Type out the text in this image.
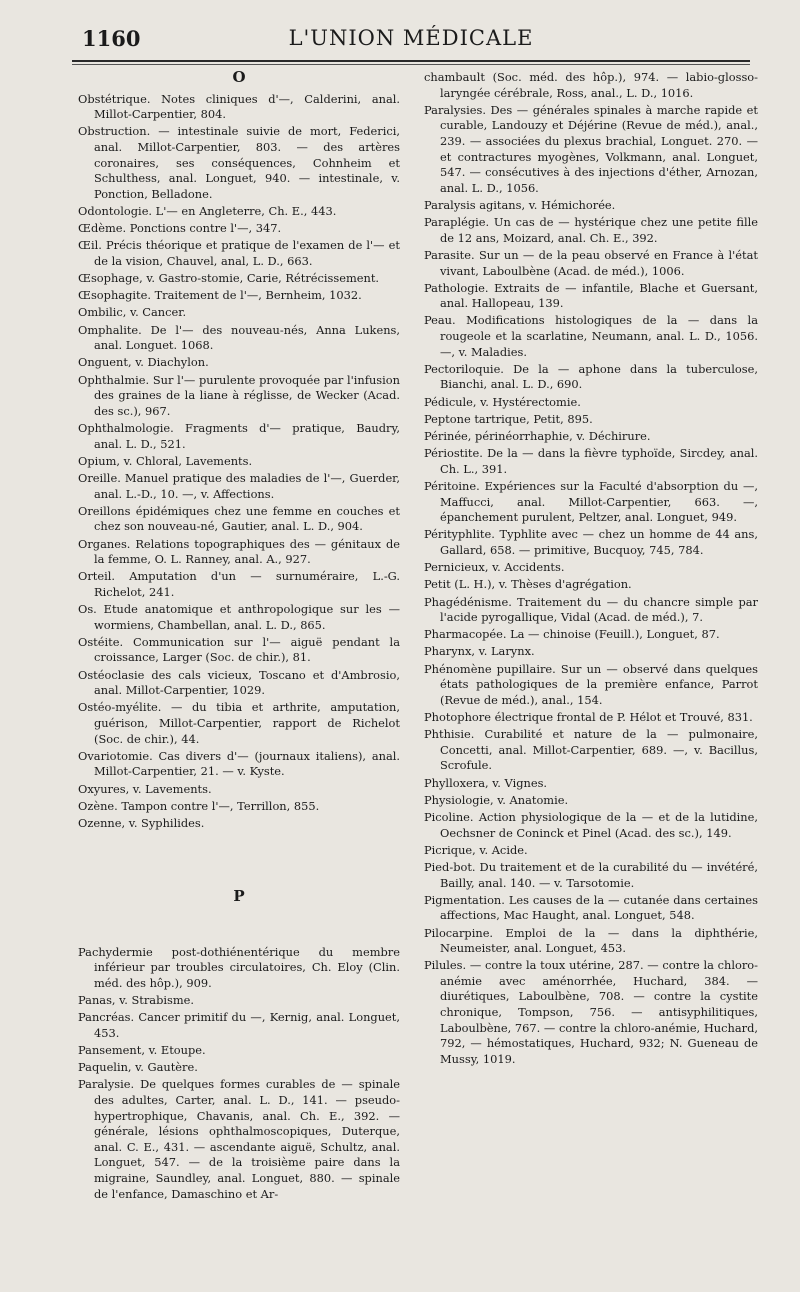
1160	L'UNION MÉDICALE
O

Obstétrique. Notes cliniques d'—, Calderini, anal. Millot-Carpentier, 804.

Obstruction. — intestinale suivie de mort, Federici, anal. Millot-Carpentier, 803. — des artères coronaires, ses conséquences, Cohnheim et Schulthess, anal. Longuet, 940. — intestinale, v. Ponction, Belladone.

Odontologie. L'— en Angleterre, Ch. E., 443.

Œdème. Ponctions contre l'—, 347.

Œil. Précis théorique et pratique de l'examen de l'— et de la vision, Chauvel, anal, L. D., 663.

Œsophage, v. Gastro-stomie, Carie, Rétrécissement.

Œsophagite. Traitement de l'—, Bernheim, 1032.

Ombilic, v. Cancer.

Omphalite. De l'— des nouveau-nés, Anna Lukens, anal. Longuet. 1068.

Onguent, v. Diachylon.

Ophthalmie. Sur l'— purulente provoquée par l'infusion des graines de la liane à réglisse, de Wecker (Acad. des sc.), 967.

Ophthalmologie. Fragments d'— pratique, Baudry, anal. L. D., 521.

Opium, v. Chloral, Lavements.

Oreille. Manuel pratique des maladies de l'—, Guerder, anal. L.-D., 10. —, v. Affections.

Oreillons épidémiques chez une femme en couches et chez son nouveau-né, Gautier, anal. L. D., 904.

Organes. Relations topographiques des — génitaux de la femme, O. L. Ranney, anal. A., 927.

Orteil. Amputation d'un — surnuméraire, L.-G. Richelot, 241.

Os. Etude anatomique et anthropologique sur les — wormiens, Chambellan, anal. L. D., 865.

Ostéite. Communication sur l'— aiguë pendant la croissance, Larger (Soc. de chir.), 81.

Ostéoclasie des cals vicieux, Toscano et d'Ambrosio, anal. Millot-Carpentier, 1029.

Ostéo-myélite. — du tibia et arthrite, amputation, guérison, Millot-Carpentier, rapport de Richelot (Soc. de chir.), 44.

Ovariotomie. Cas divers d'— (journaux italiens), anal. Millot-Carpentier, 21. — v. Kyste.

Oxyures, v. Lavements.

Ozène. Tampon contre l'—, Terrillon, 855.

Ozenne, v. Syphilides.

P

Pachydermie post-dothiénentérique du membre inférieur par troubles circulatoires, Ch. Eloy (Clin. méd. des hôp.), 909.

Panas, v. Strabisme.

Pancréas. Cancer primitif du —, Kernig, anal. Longuet, 453.

Pansement, v. Etoupe.

Paquelin, v. Gautère.

Paralysie. De quelques formes curables de — spinale des adultes, Carter, anal. L. D., 141. — pseudo-hypertrophique, Chavanis, anal. Ch. E., 392. — générale, lésions ophthalmoscopiques, Duterque, anal. C. E., 431. — ascendante aiguë, Schultz, anal. Longuet, 547. — de la troisième paire dans la migraine, Saundley, anal. Longuet, 880. — spinale de l'enfance, Damaschino et Ar-

chambault (Soc. méd. des hôp.), 974. — labio-glosso-laryngée cérébrale, Ross, anal., L. D., 1016.

Paralysies. Des — générales spinales à marche rapide et curable, Landouzy et Déjérine (Revue de méd.), anal., 239. — associées du plexus brachial, Longuet. 270. — et contractures myogènes, Volkmann, anal. Longuet, 547. — consécutives à des injections d'éther, Arnozan, anal. L. D., 1056.

Paralysis agitans, v. Hémichorée.

Paraplégie. Un cas de — hystérique chez une petite fille de 12 ans, Moizard, anal. Ch. E., 392.

Parasite. Sur un — de la peau observé en France à l'état vivant, Laboulbène (Acad. de méd.), 1006.

Pathologie. Extraits de — infantile, Blache et Guersant, anal. Hallopeau, 139.

Peau. Modifications histologiques de la — dans la rougeole et la scarlatine, Neumann, anal. L. D., 1056. —, v. Maladies.

Pectoriloquie. De la — aphone dans la tuberculose, Bianchi, anal. L. D., 690.

Pédicule, v. Hystérectomie.

Peptone tartrique, Petit, 895.

Périnée, périnéorrhaphie, v. Déchirure.

Périostite. De la — dans la fièvre typhoïde, Sircdey, anal. Ch. L., 391.

Péritoine. Expériences sur la Faculté d'absorption du —, Maffucci, anal. Millot-Carpentier, 663. —, épanchement purulent, Peltzer, anal. Longuet, 949.

Pérityphlite. Typhlite avec — chez un homme de 44 ans, Gallard, 658. — primitive, Bucquoy, 745, 784.

Pernicieux, v. Accidents.

Petit (L. H.), v. Thèses d'agrégation.

Phagédénisme. Traitement du — du chancre simple par l'acide pyrogallique, Vidal (Acad. de méd.), 7.

Pharmacopée. La — chinoise (Feuill.), Longuet, 87.

Pharynx, v. Larynx.

Phénomène pupillaire. Sur un — observé dans quelques états pathologiques de la première enfance, Parrot (Revue de méd.), anal., 154.

Photophore électrique frontal de P. Hélot et Trouvé, 831.

Phthisie. Curabilité et nature de la — pulmonaire, Concetti, anal. Millot-Carpentier, 689. —, v. Bacillus, Scrofule.

Phylloxera, v. Vignes.

Physiologie, v. Anatomie.

Picoline. Action physiologique de la — et de la lutidine, Oechsner de Coninck et Pinel (Acad. des sc.), 149.

Picrique, v. Acide.

Pied-bot. Du traitement et de la curabilité du — invétéré, Bailly, anal. 140. — v. Tarsotomie.

Pigmentation. Les causes de la — cutanée dans certaines affections, Mac Haught, anal. Longuet, 548.

Pilocarpine. Emploi de la — dans la diphthérie, Neumeister, anal. Longuet, 453.

Pilules. — contre la toux utérine, 287. — contre la chloro-anémie avec aménorrhée, Huchard, 384. — diurétiques, Laboulbène, 708. — contre la cystite chronique, Tompson, 756. — antisyphilitiques, Laboulbène, 767. — contre la chloro-anémie, Huchard, 792, — hémostatiques, Huchard, 932; N. Gueneau de Mussy, 1019.
